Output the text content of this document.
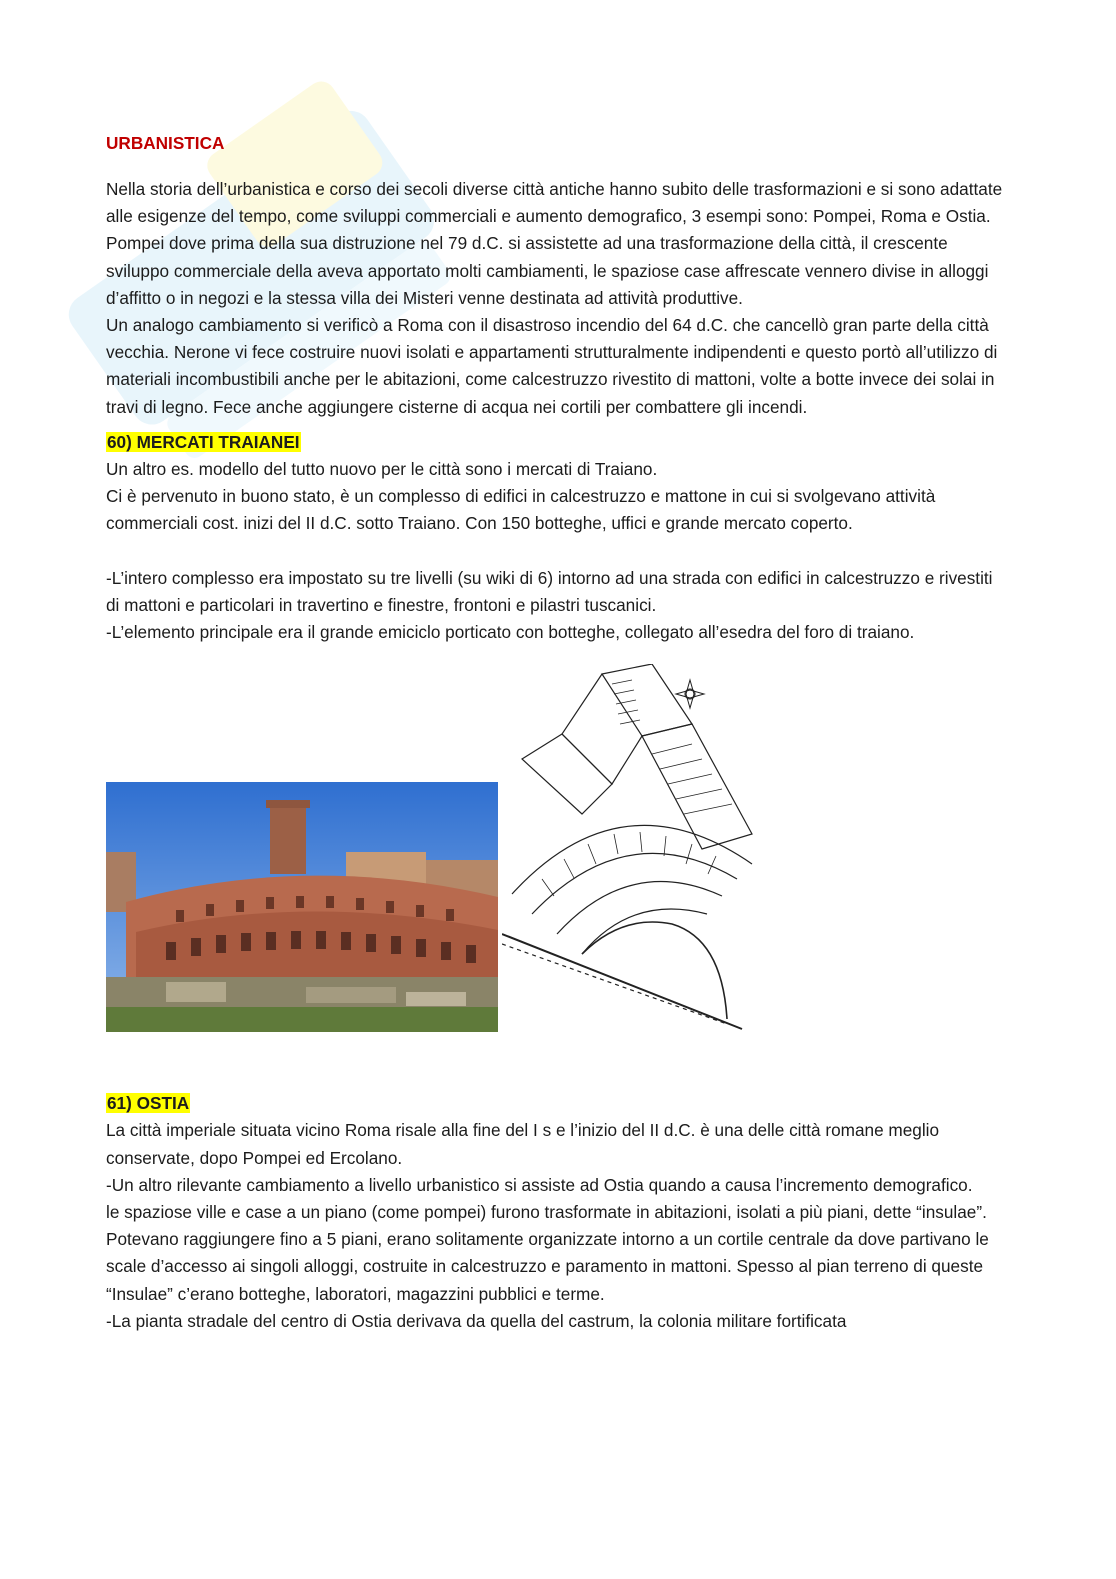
URBANISTICA

Nella storia dell’urbanistica e corso dei secoli diverse città antiche hanno subito delle trasformazioni e si sono adattate alle esigenze del tempo, come sviluppi commerciali e aumento demografico, 3 esempi sono: Pompei, Roma e Ostia.

Pompei dove prima della sua distruzione nel 79 d.C. si assistette ad una trasformazione della città, il crescente sviluppo commerciale della aveva apportato molti cambiamenti, le spaziose case affrescate vennero divise in alloggi d’affitto o in negozi e la stessa villa dei Misteri venne destinata ad attività produttive.

Un analogo cambiamento si verificò a Roma con il disastroso incendio del 64 d.C. che cancellò gran parte della città vecchia. Nerone vi fece costruire nuovi isolati e appartamenti strutturalmente indipendenti e questo portò all’utilizzo di materiali incombustibili anche per le abitazioni, come calcestruzzo rivestito di mattoni, volte a botte invece dei solai in travi di legno. Fece anche aggiungere cisterne di acqua nei cortili per combattere gli incendi.

60) MERCATI TRAIANEI

Un altro es. modello del tutto nuovo per le città sono i mercati di Traiano.

Ci è pervenuto in buono stato, è un complesso di edifici in calcestruzzo e mattone in cui si svolgevano attività commerciali cost. inizi del II d.C. sotto Traiano. Con 150 botteghe, uffici e grande mercato coperto.

-L’intero complesso era impostato su tre livelli (su wiki di 6) intorno ad una strada con edifici in calcestruzzo e rivestiti di mattoni e particolari in travertino e finestre, frontoni e pilastri tuscanici.

-L’elemento principale era il grande emiciclo porticato con botteghe, collegato all’esedra del foro di traiano.

61) OSTIA

La città imperiale situata vicino Roma risale alla fine del I s e l’inizio del II d.C. è una delle città romane meglio conservate, dopo Pompei ed Ercolano.

-Un altro rilevante cambiamento a livello urbanistico si assiste ad Ostia quando a causa l’incremento demografico.

le spaziose ville e case a un piano (come pompei) furono trasformate in abitazioni, isolati a più piani, dette “insulae”.

Potevano raggiungere fino a 5 piani, erano solitamente organizzate intorno a un cortile centrale da dove partivano le scale d’accesso ai singoli alloggi, costruite in calcestruzzo e paramento in mattoni. Spesso al pian terreno di queste “Insulae” c’erano botteghe, laboratori, magazzini pubblici e terme.

-La pianta stradale del centro di Ostia derivava da quella del castrum, la colonia militare fortificata
